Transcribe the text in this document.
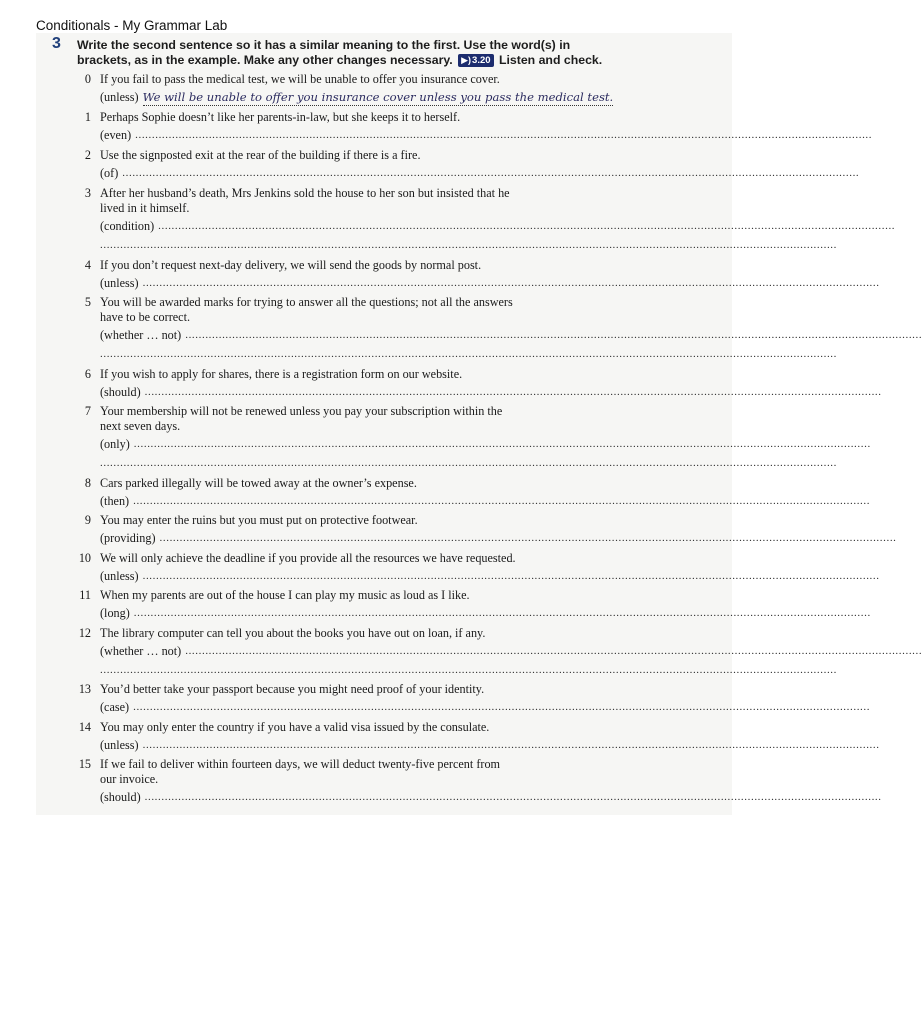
Conditionals - My Grammar Lab
3 Write the second sentence so it has a similar meaning to the first. Use the word(s) in brackets, as in the example. Make any other changes necessary. ▶)3.20 Listen and check.
0 If you fail to pass the medical test, we will be unable to offer you insurance cover.
(unless) We will be unable to offer you insurance cover unless you pass the medical test.
1 Perhaps Sophie doesn’t like her parents-in-law, but she keeps it to herself.
(even) ............................................................................................................................................................................................................................
2 Use the signposted exit at the rear of the building if there is a fire.
(of) ............................................................................................................................................................................................................................
3 After her husband’s death, Mrs Jenkins sold the house to her son but insisted that he
lived in it himself.
(condition) ............................................................................................................................................................................................................................
............................................................................................................................................................................................................................
4 If you don’t request next-day delivery, we will send the goods by normal post.
(unless) ............................................................................................................................................................................................................................
5 You will be awarded marks for trying to answer all the questions; not all the answers
have to be correct.
(whether … not) ............................................................................................................................................................................................................................
............................................................................................................................................................................................................................
6 If you wish to apply for shares, there is a registration form on our website.
(should) ............................................................................................................................................................................................................................
7 Your membership will not be renewed unless you pay your subscription within the
next seven days.
(only) ............................................................................................................................................................................................................................
............................................................................................................................................................................................................................
8 Cars parked illegally will be towed away at the owner’s expense.
(then) ............................................................................................................................................................................................................................
9 You may enter the ruins but you must put on protective footwear.
(providing) ............................................................................................................................................................................................................................
10 We will only achieve the deadline if you provide all the resources we have requested.
(unless) ............................................................................................................................................................................................................................
11 When my parents are out of the house I can play my music as loud as I like.
(long) ............................................................................................................................................................................................................................
12 The library computer can tell you about the books you have out on loan, if any.
(whether … not) ............................................................................................................................................................................................................................
............................................................................................................................................................................................................................
13 You’d better take your passport because you might need proof of your identity.
(case) ............................................................................................................................................................................................................................
14 You may only enter the country if you have a valid visa issued by the consulate.
(unless) ............................................................................................................................................................................................................................
15 If we fail to deliver within fourteen days, we will deduct twenty-five percent from
our invoice.
(should) ............................................................................................................................................................................................................................
